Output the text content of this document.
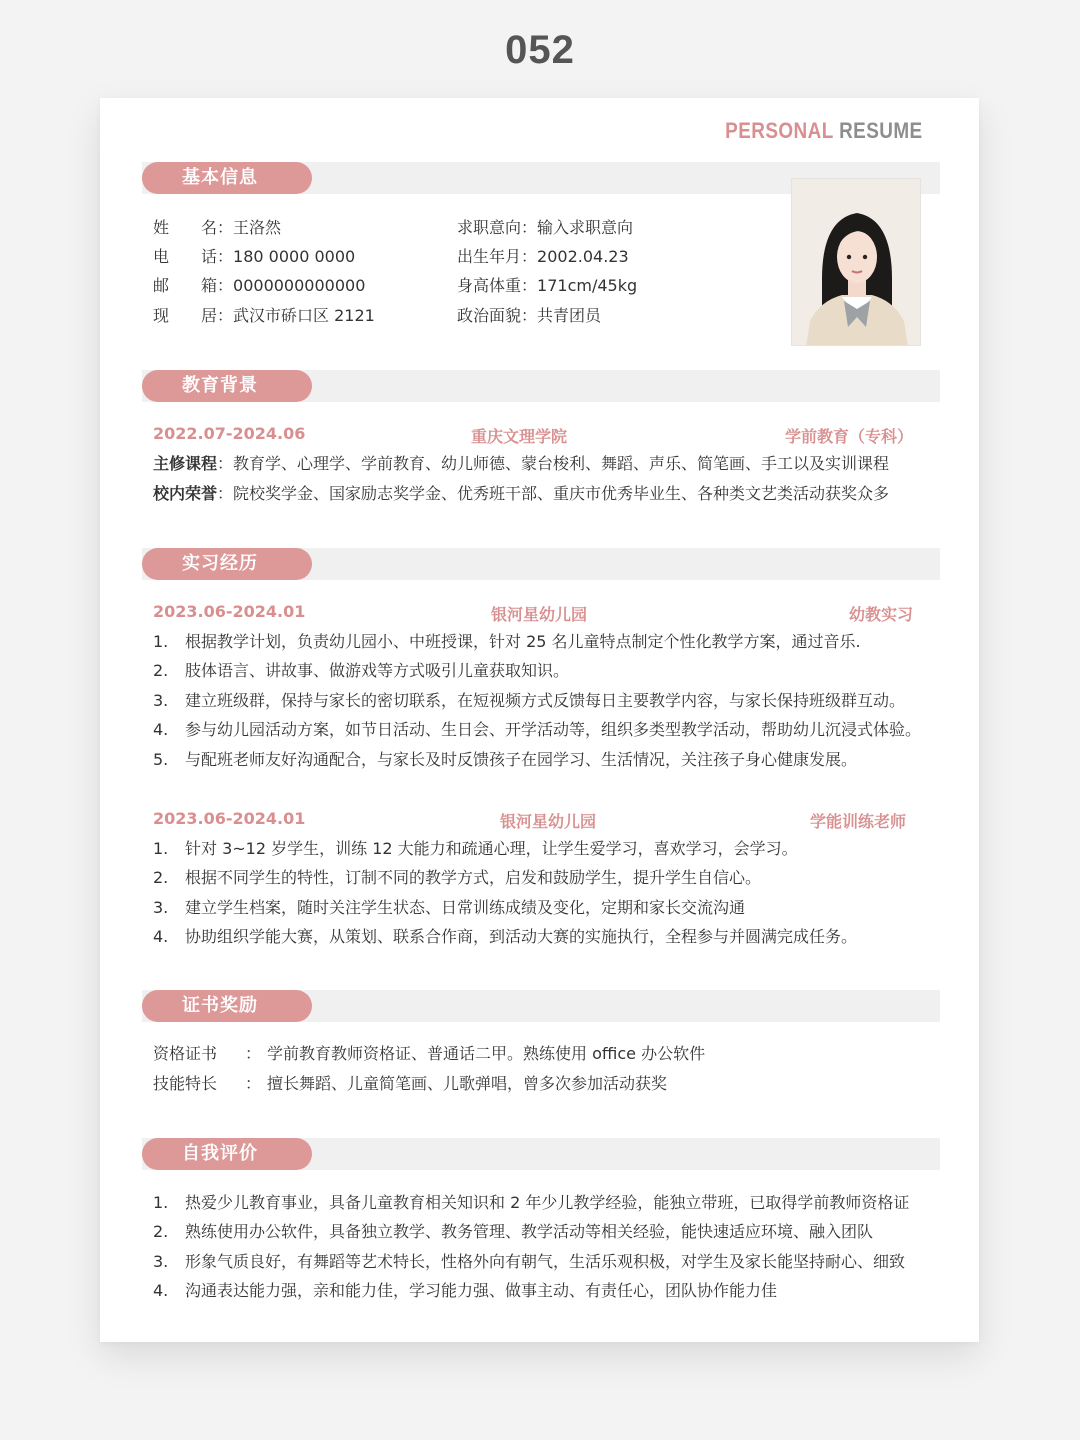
052
PERSONAL RESUME
基本信息
姓 名：王洛然
电 话：180 0000 0000
邮 箱：0000000000000
现 居：武汉市硚口区 2121
求职意向：输入求职意向
出生年月：2002.04.23
身高体重：171cm/45kg
政治面貌：共青团员
教育背景
2022.07-2024.06	重庆文理学院	学前教育（专科）
主修课程：教育学、心理学、学前教育、幼儿师德、蒙台梭利、舞蹈、声乐、简笔画、手工以及实训课程
校内荣誉：院校奖学金、国家励志奖学金、优秀班干部、重庆市优秀毕业生、各种类文艺类活动获奖众多
实习经历
2023.06-2024.01	银河星幼儿园	幼教实习
1. 根据教学计划，负责幼儿园小、中班授课，针对 25 名儿童特点制定个性化教学方案，通过音乐.
2. 肢体语言、讲故事、做游戏等方式吸引儿童获取知识。
3. 建立班级群，保持与家长的密切联系，在短视频方式反馈每日主要教学内容，与家长保持班级群互动。
4. 参与幼儿园活动方案，如节日活动、生日会、开学活动等，组织多类型教学活动，帮助幼儿沉浸式体验。
5. 与配班老师友好沟通配合，与家长及时反馈孩子在园学习、生活情况，关注孩子身心健康发展。
2023.06-2024.01	银河星幼儿园	学能训练老师
1. 针对 3~12 岁学生，训练 12 大能力和疏通心理，让学生爱学习，喜欢学习，会学习。
2. 根据不同学生的特性，订制不同的教学方式，启发和鼓励学生，提升学生自信心。
3. 建立学生档案，随时关注学生状态、日常训练成绩及变化，定期和家长交流沟通
4. 协助组织学能大赛，从策划、联系合作商，到活动大赛的实施执行，全程参与并圆满完成任务。
证书奖励
资格证书 ： 学前教育教师资格证、普通话二甲。熟练使用 office 办公软件
技能特长 ： 擅长舞蹈、儿童简笔画、儿歌弹唱，曾多次参加活动获奖
自我评价
1. 热爱少儿教育事业，具备儿童教育相关知识和 2 年少儿教学经验，能独立带班，已取得学前教师资格证
2. 熟练使用办公软件，具备独立教学、教务管理、教学活动等相关经验，能快速适应环境、融入团队
3. 形象气质良好，有舞蹈等艺术特长，性格外向有朝气，生活乐观积极，对学生及家长能坚持耐心、细致
4. 沟通表达能力强，亲和能力佳，学习能力强、做事主动、有责任心，团队协作能力佳
